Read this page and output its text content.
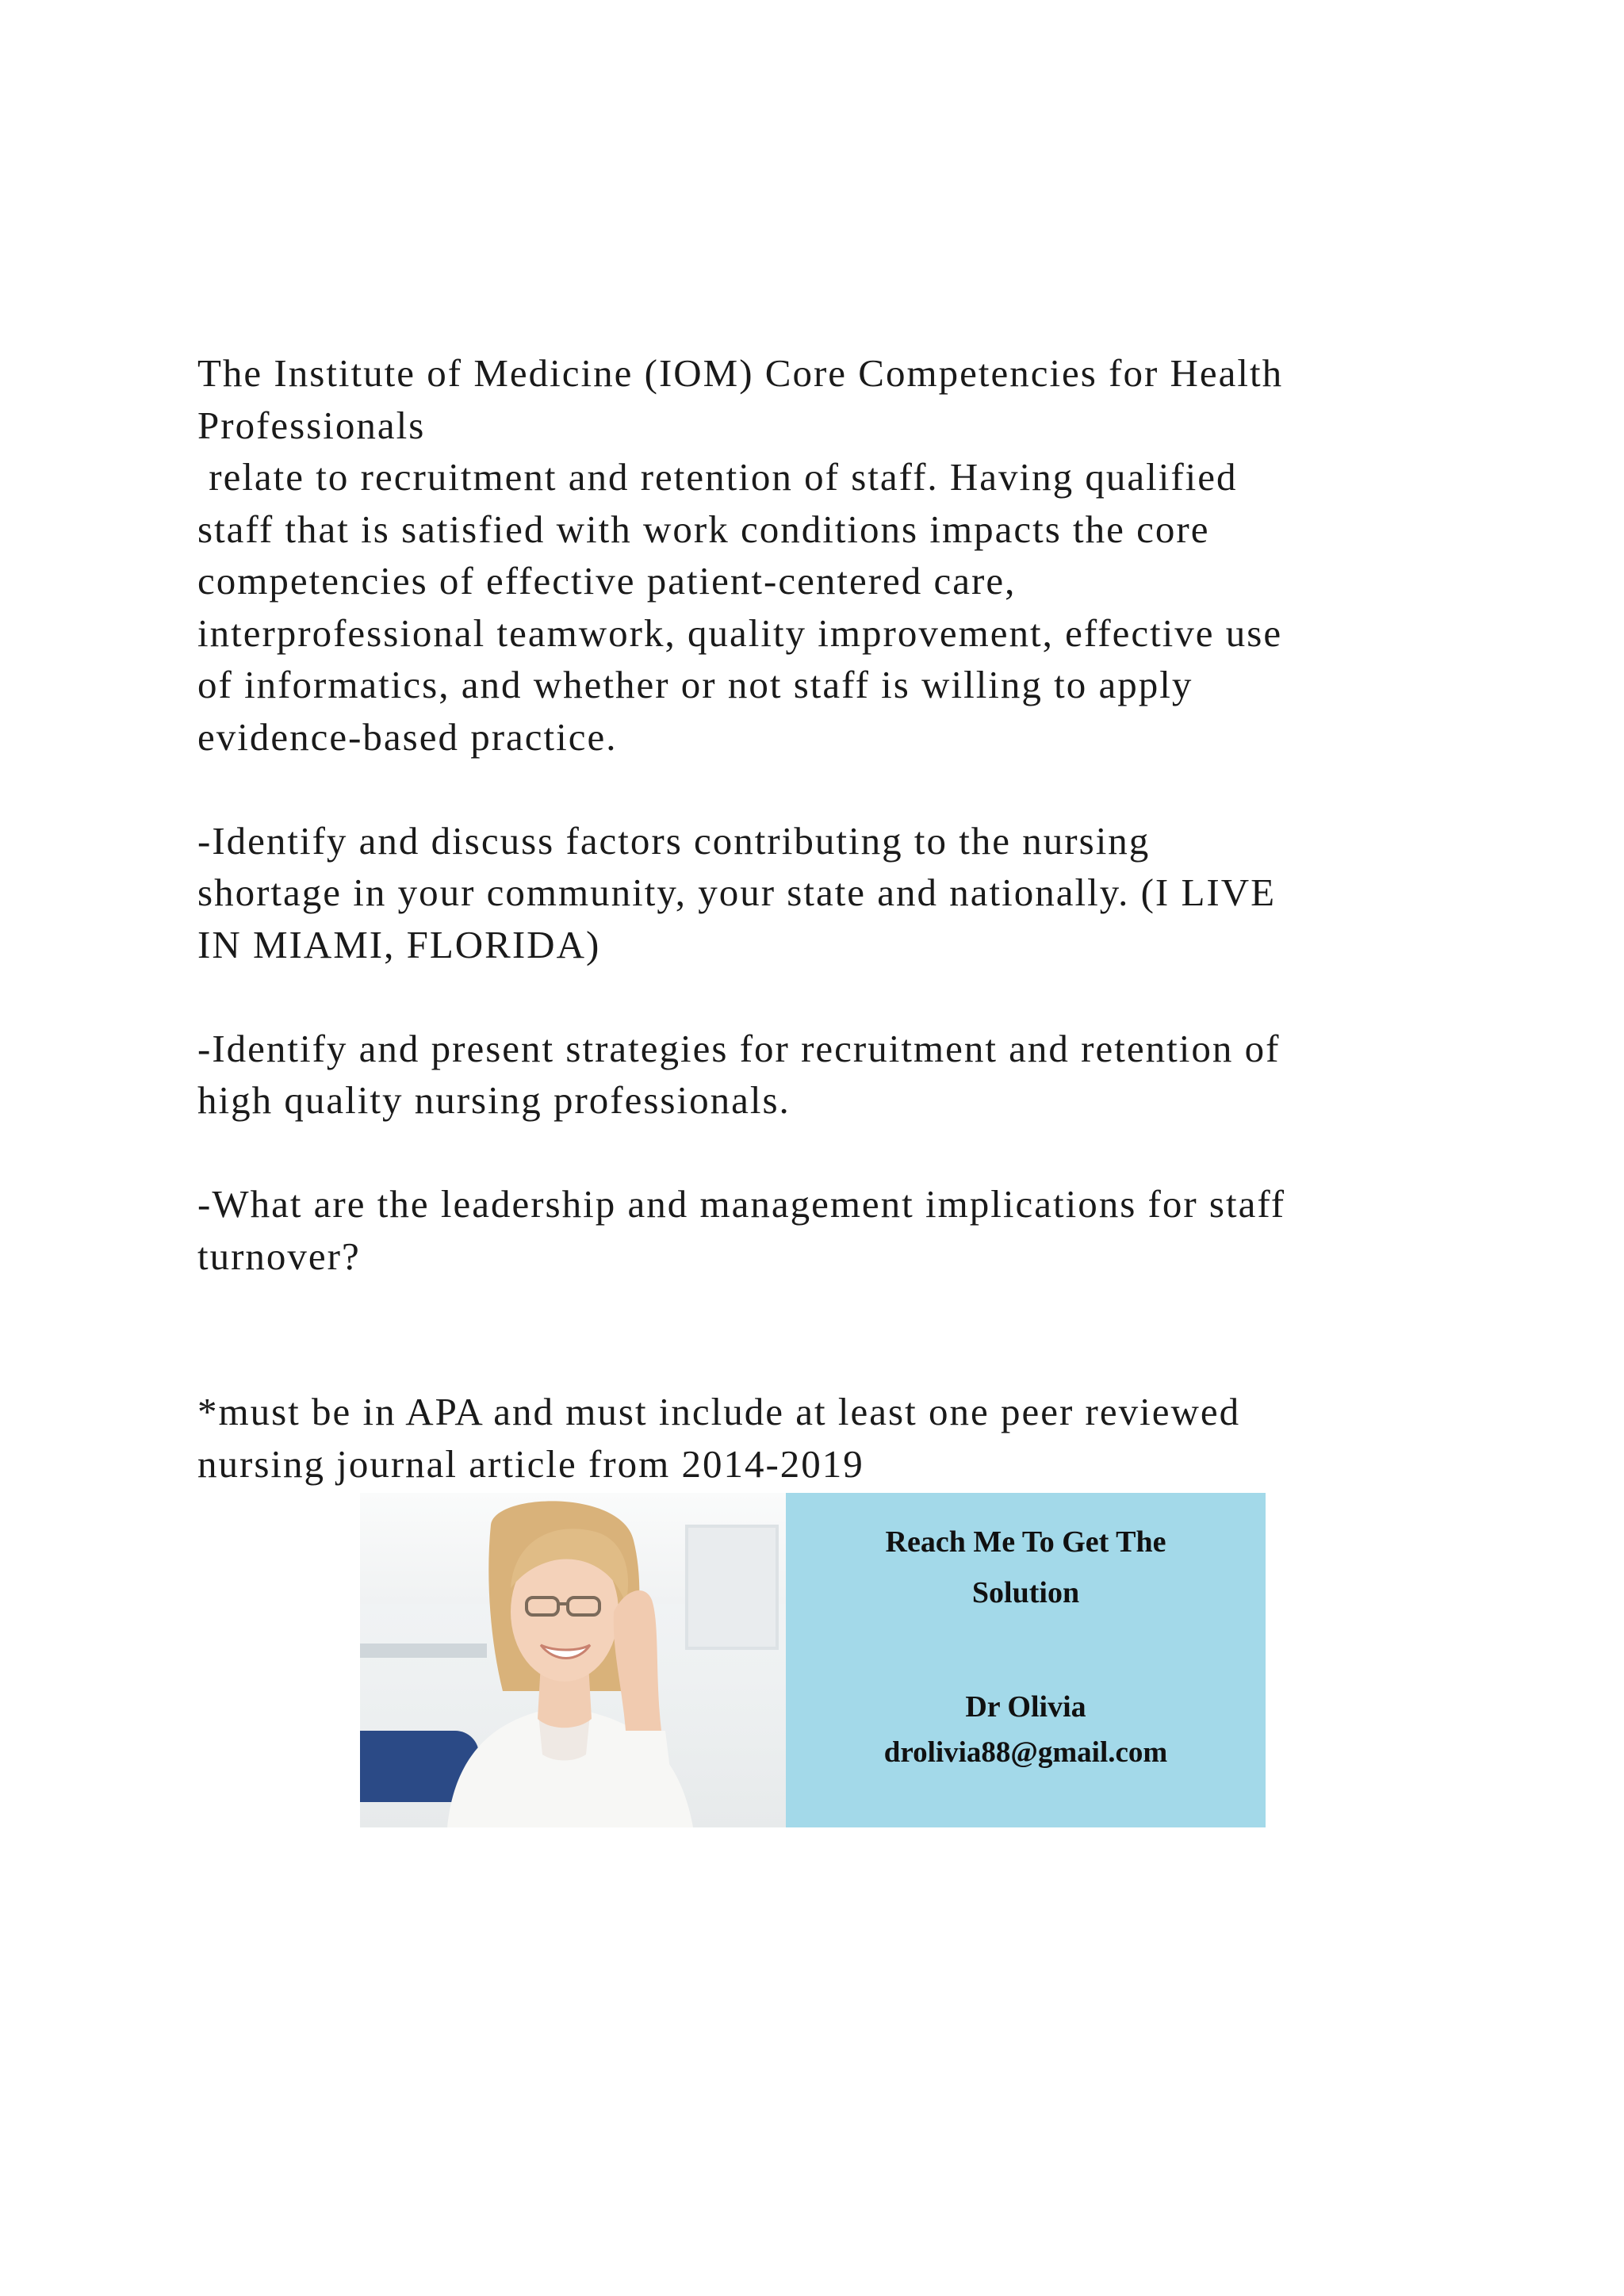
The Institute of Medicine (IOM) Core Competencies for Health
Professionals
relate to recruitment and retention of staff. Having qualified
staff that is satisfied with work conditions impacts the core
competencies of effective patient-centered care,
interprofessional teamwork, quality improvement, effective use
of informatics, and whether or not staff is willing to apply
evidence-based practice.
-Identify and discuss factors contributing to the nursing
shortage in your community, your state and nationally. (I LIVE
IN MIAMI, FLORIDA)
-Identify and present strategies for recruitment and retention of
high quality nursing professionals.
-What are the leadership and management implications for staff
turnover?
*must be in APA and must include at least one peer reviewed
nursing journal article from 2014-2019
Reach Me To Get The
Solution
Dr Olivia
drolivia88@gmail.com
